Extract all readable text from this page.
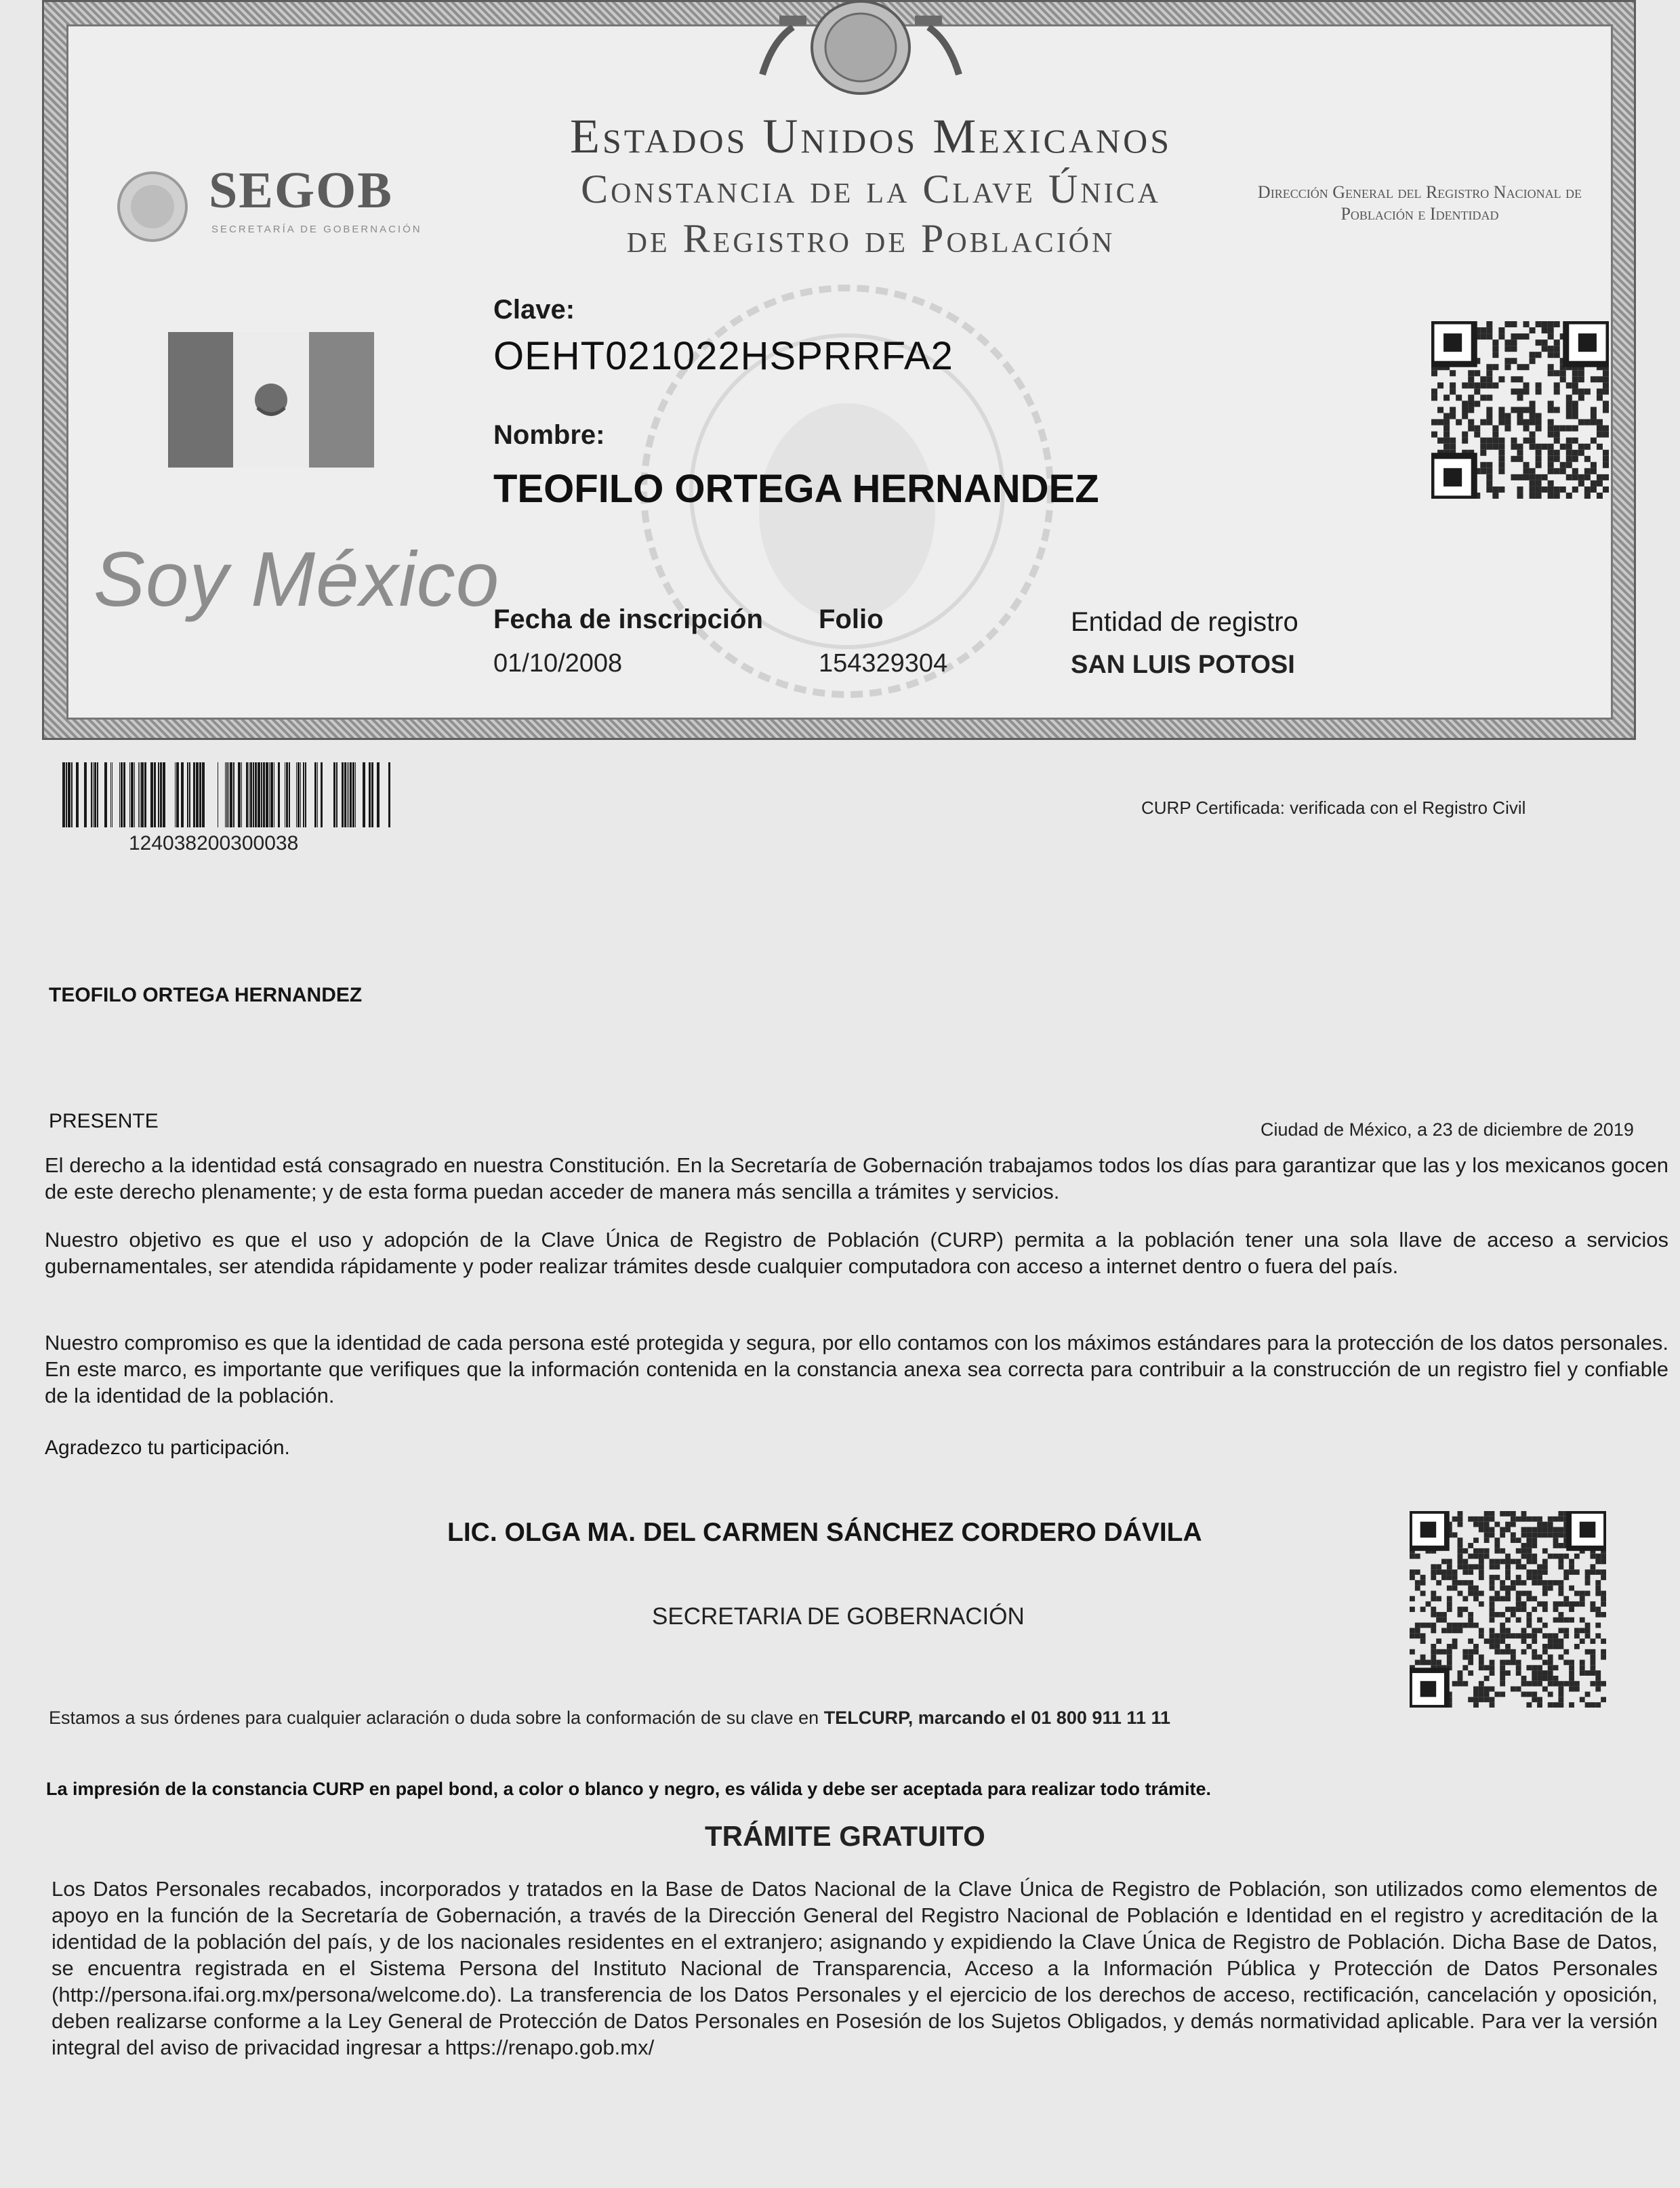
Estados Unidos Mexicanos
Constancia de la Clave Única
de Registro de Población
SEGOB
SECRETARÍA DE GOBERNACIÓN
Dirección General del Registro Nacional de Población e Identidad
Soy México
Clave:
OEHT021022HSPRRFA2
Nombre:
TEOFILO ORTEGA HERNANDEZ
Fecha de inscripción
01/10/2008
Folio
154329304
Entidad de registro
SAN LUIS POTOSI
124038200300038
CURP Certificada: verificada con el Registro Civil
TEOFILO ORTEGA HERNANDEZ
PRESENTE	Ciudad de México, a 23 de diciembre de 2019
El derecho a la identidad está consagrado en nuestra Constitución. En la Secretaría de Gobernación trabajamos todos los días para garantizar que las y los mexicanos gocen de este derecho plenamente; y de esta forma puedan acceder de manera más sencilla a trámites y servicios.
Nuestro objetivo es que el uso y adopción de la Clave Única de Registro de Población (CURP) permita a la población tener una sola llave de acceso a servicios gubernamentales, ser atendida rápidamente y poder realizar trámites desde cualquier computadora con acceso a internet dentro o fuera del país.
Nuestro compromiso es que la identidad de cada persona esté protegida y segura, por ello contamos con los máximos estándares para la protección de los datos personales. En este marco, es importante que verifiques que la información contenida en la constancia anexa sea correcta para contribuir a la construcción de un registro fiel y confiable de la identidad de la población.
Agradezco tu participación.
LIC. OLGA MA. DEL CARMEN SÁNCHEZ CORDERO DÁVILA
SECRETARIA DE GOBERNACIÓN
Estamos a sus órdenes para cualquier aclaración o duda sobre la conformación de su clave en TELCURP, marcando el 01 800 911 11 11
La impresión de la constancia CURP en papel bond, a color o blanco y negro, es válida y debe ser aceptada para realizar todo trámite.
TRÁMITE GRATUITO
Los Datos Personales recabados, incorporados y tratados en la Base de Datos Nacional de la Clave Única de Registro de Población, son utilizados como elementos de apoyo en la función de la Secretaría de Gobernación, a través de la Dirección General del Registro Nacional de Población e Identidad en el registro y acreditación de la identidad de la población del país, y de los nacionales residentes en el extranjero; asignando y expidiendo la Clave Única de Registro de Población. Dicha Base de Datos, se encuentra registrada en el Sistema Persona del Instituto Nacional de Transparencia, Acceso a la Información Pública y Protección de Datos Personales (http://persona.ifai.org.mx/persona/welcome.do). La transferencia de los Datos Personales y el ejercicio de los derechos de acceso, rectificación, cancelación y oposición, deben realizarse conforme a la Ley General de Protección de Datos Personales en Posesión de los Sujetos Obligados, y demás normatividad aplicable. Para ver la versión integral del aviso de privacidad ingresar a https://renapo.gob.mx/
